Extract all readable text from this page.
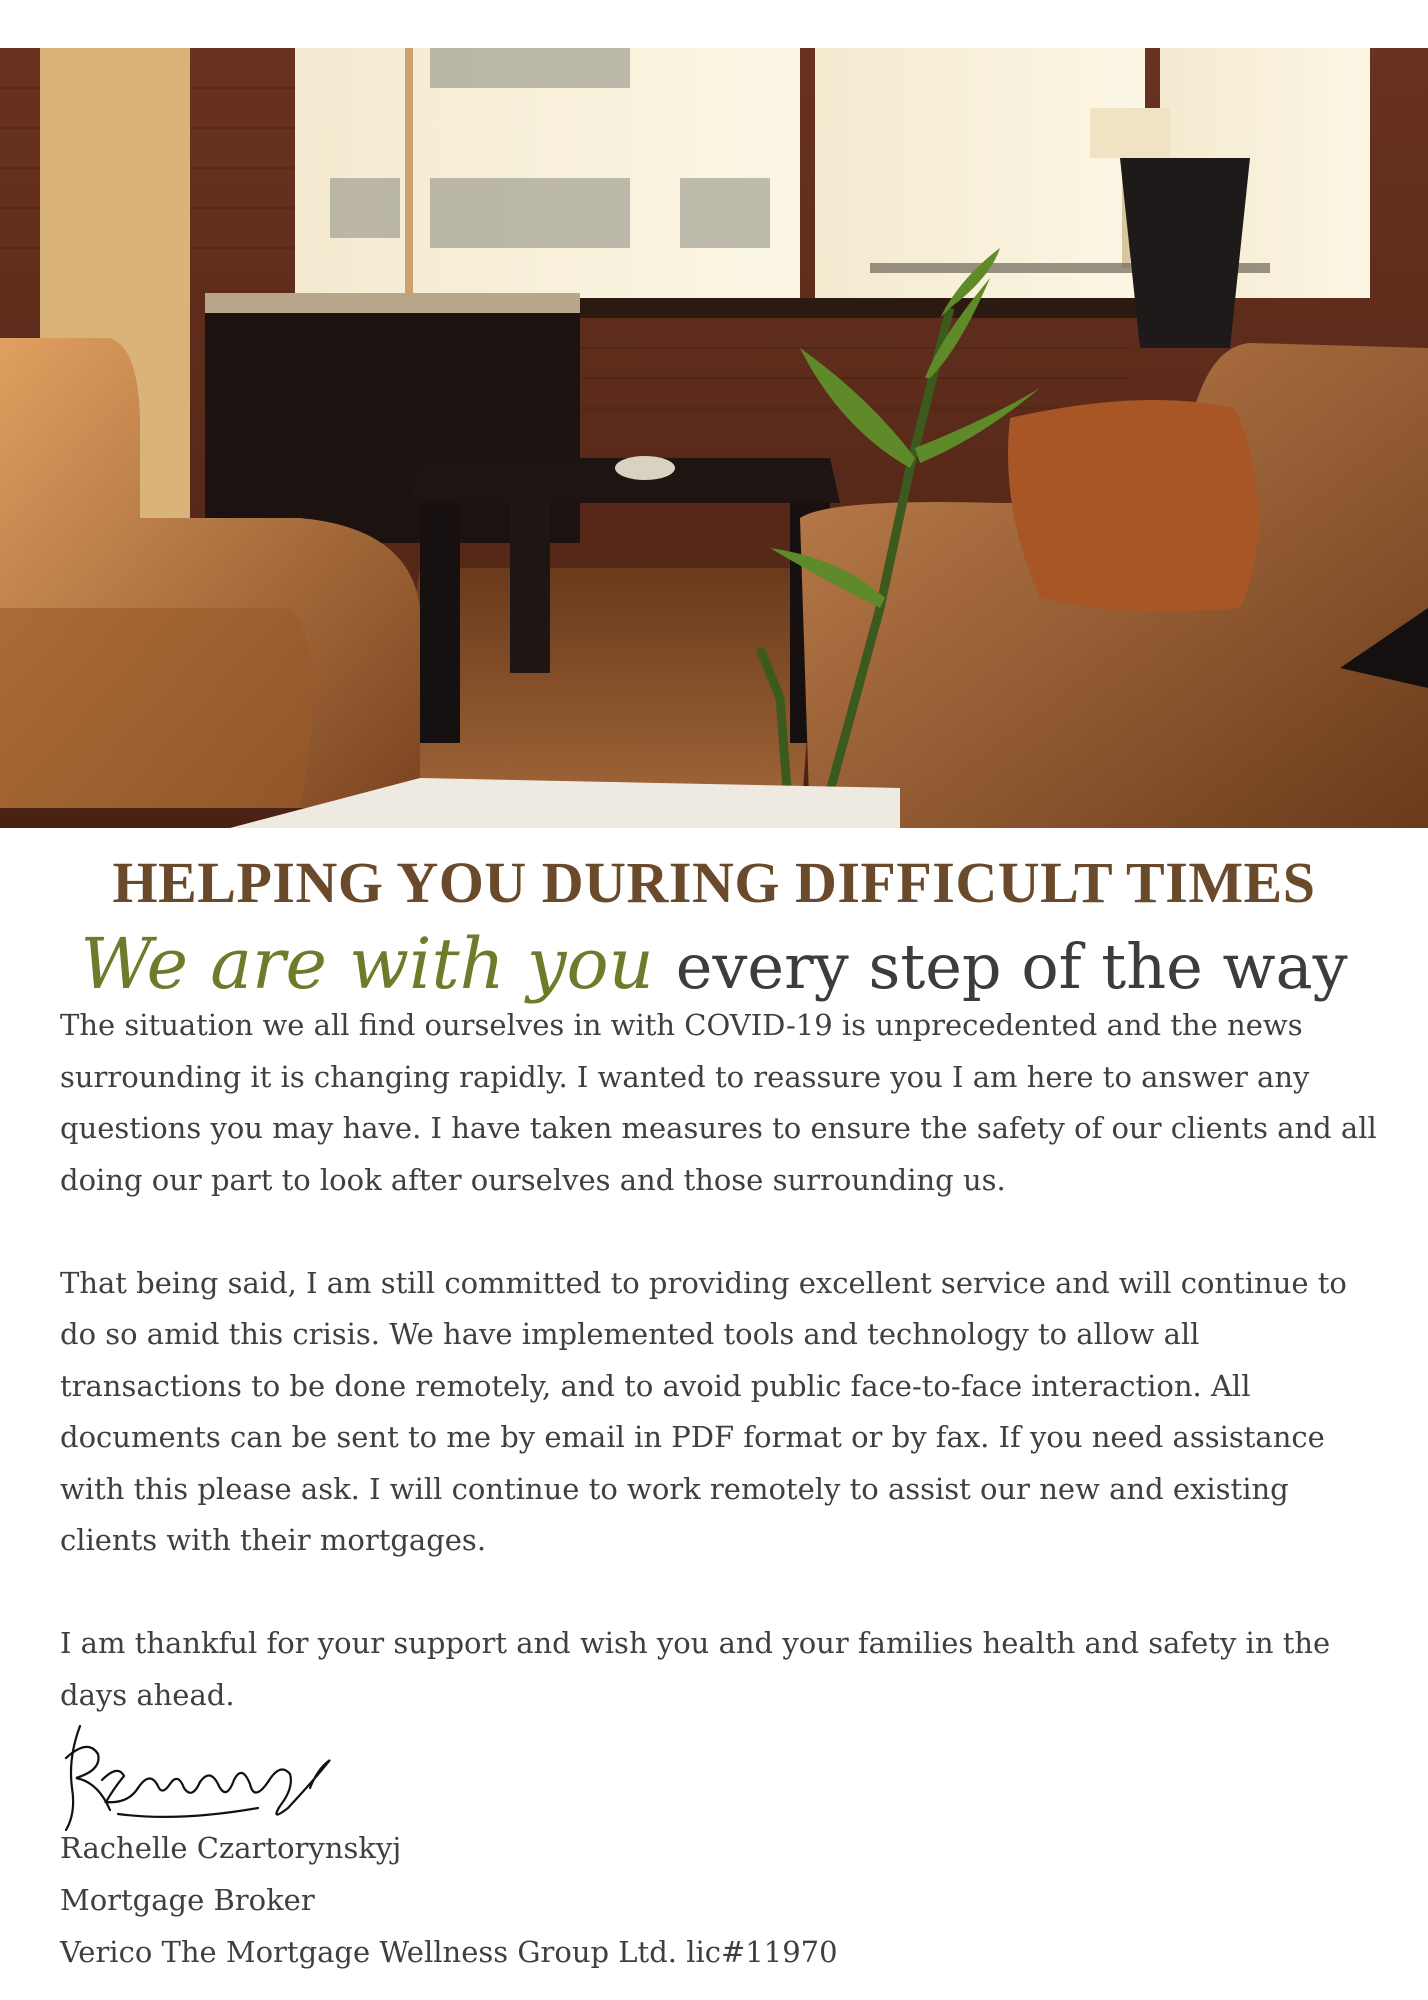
HELPING YOU DURING DIFFICULT TIMES
We are with you every step of the way

The situation we all find ourselves in with COVID-19 is unprecedented and the news surrounding it is changing rapidly. I wanted to reassure you I am here to answer any questions you may have. I have taken measures to ensure the safety of our clients and all doing our part to look after ourselves and those surrounding us.

That being said, I am still committed to providing excellent service and will continue to do so amid this crisis. We have implemented tools and technology to allow all transactions to be done remotely, and to avoid public face-to-face interaction. All documents can be sent to me by email in PDF format or by fax. If you need assistance with this please ask. I will continue to work remotely to assist our new and existing clients with their mortgages.

I am thankful for your support and wish you and your families health and safety in the days ahead.

Rachelle Czartorynskyj
Mortgage Broker
Verico The Mortgage Wellness Group Ltd. lic#11970
